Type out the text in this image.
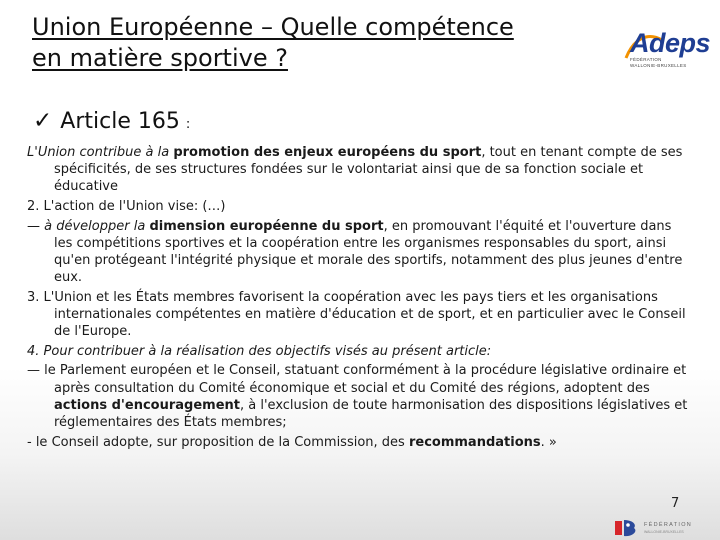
Union Européenne – Quelle compétence
en matière sportive ?	Adeps
FÉDÉRATION
WALLONIE-BRUXELLES
✓ Article 165 :

L'Union contribue à la promotion des enjeux européens du sport, tout en tenant compte de ses spécificités, de ses structures fondées sur le volontariat ainsi que de sa fonction sociale et éducative

2. L'action de l'Union vise: (…)

— à développer la dimension européenne du sport, en promouvant l'équité et l'ouverture dans les compétitions sportives et la coopération entre les organismes responsables du sport, ainsi qu'en protégeant l'intégrité physique et morale des sportifs, notamment des plus jeunes d'entre eux.

3. L'Union et les États membres favorisent la coopération avec les pays tiers et les organisations internationales compétentes en matière d'éducation et de sport, et en particulier avec le Conseil de l'Europe.

4. Pour contribuer à la réalisation des objectifs visés au présent article:

— le Parlement européen et le Conseil, statuant conformément à la procédure législative ordinaire et après consultation du Comité économique et social et du Comité des régions, adoptent des actions d'encouragement, à l'exclusion de toute harmonisation des dispositions législatives et réglementaires des États membres;

- le Conseil adopte, sur proposition de la Commission, des recommandations. »

7
FÉDÉRATION
WALLONIE-BRUXELLES
